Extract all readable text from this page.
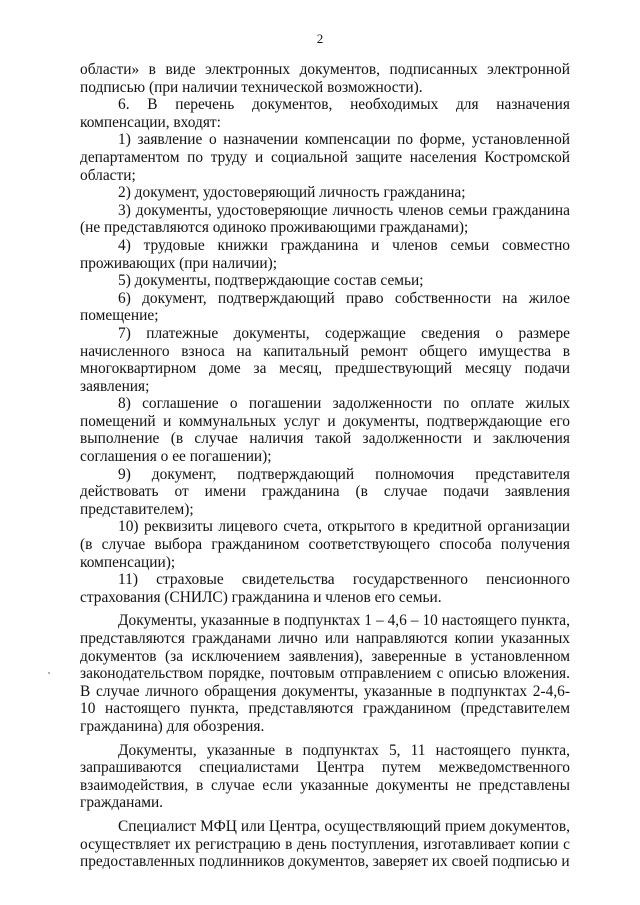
2

области» в виде электронных документов, подписанных электронной подписью (при наличии технической возможности).

6. В перечень документов, необходимых для назначения компенсации, входят:

1) заявление о назначении компенсации по форме, установленной департаментом по труду и социальной защите населения Костромской области;

2) документ, удостоверяющий личность гражданина;

3) документы, удостоверяющие личность членов семьи гражданина (не представляются одиноко проживающими гражданами);

4) трудовые книжки гражданина и членов семьи совместно проживающих (при наличии);

5) документы, подтверждающие состав семьи;

6) документ, подтверждающий право собственности на жилое помещение;

7) платежные документы, содержащие сведения о размере начисленного взноса на капитальный ремонт общего имущества в многоквартирном доме за месяц, предшествующий месяцу подачи заявления;

8) соглашение о погашении задолженности по оплате жилых помещений и коммунальных услуг и документы, подтверждающие его выполнение (в случае наличия такой задолженности и заключения соглашения о ее погашении);

9) документ, подтверждающий полномочия представителя действовать от имени гражданина (в случае подачи заявления представителем);

10) реквизиты лицевого счета, открытого в кредитной организации (в случае выбора гражданином соответствующего способа получения компенсации);

11) страховые свидетельства государственного пенсионного страхования (СНИЛС) гражданина и членов его семьи.

Документы, указанные в подпунктах 1 – 4,6 – 10 настоящего пункта, представляются гражданами лично или направляются копии указанных документов (за исключением заявления), заверенные в установленном законодательством порядке, почтовым отправлением с описью вложения. В случае личного обращения документы, указанные в подпунктах 2-4,6-10 настоящего пункта, представляются гражданином (представителем гражданина) для обозрения.

Документы, указанные в подпунктах 5, 11 настоящего пункта, запрашиваются специалистами Центра путем межведомственного взаимодействия, в случае если указанные документы не представлены гражданами.

Специалист МФЦ или Центра, осуществляющий прием документов, осуществляет их регистрацию в день поступления, изготавливает копии с предоставленных подлинников документов, заверяет их своей подписью и
